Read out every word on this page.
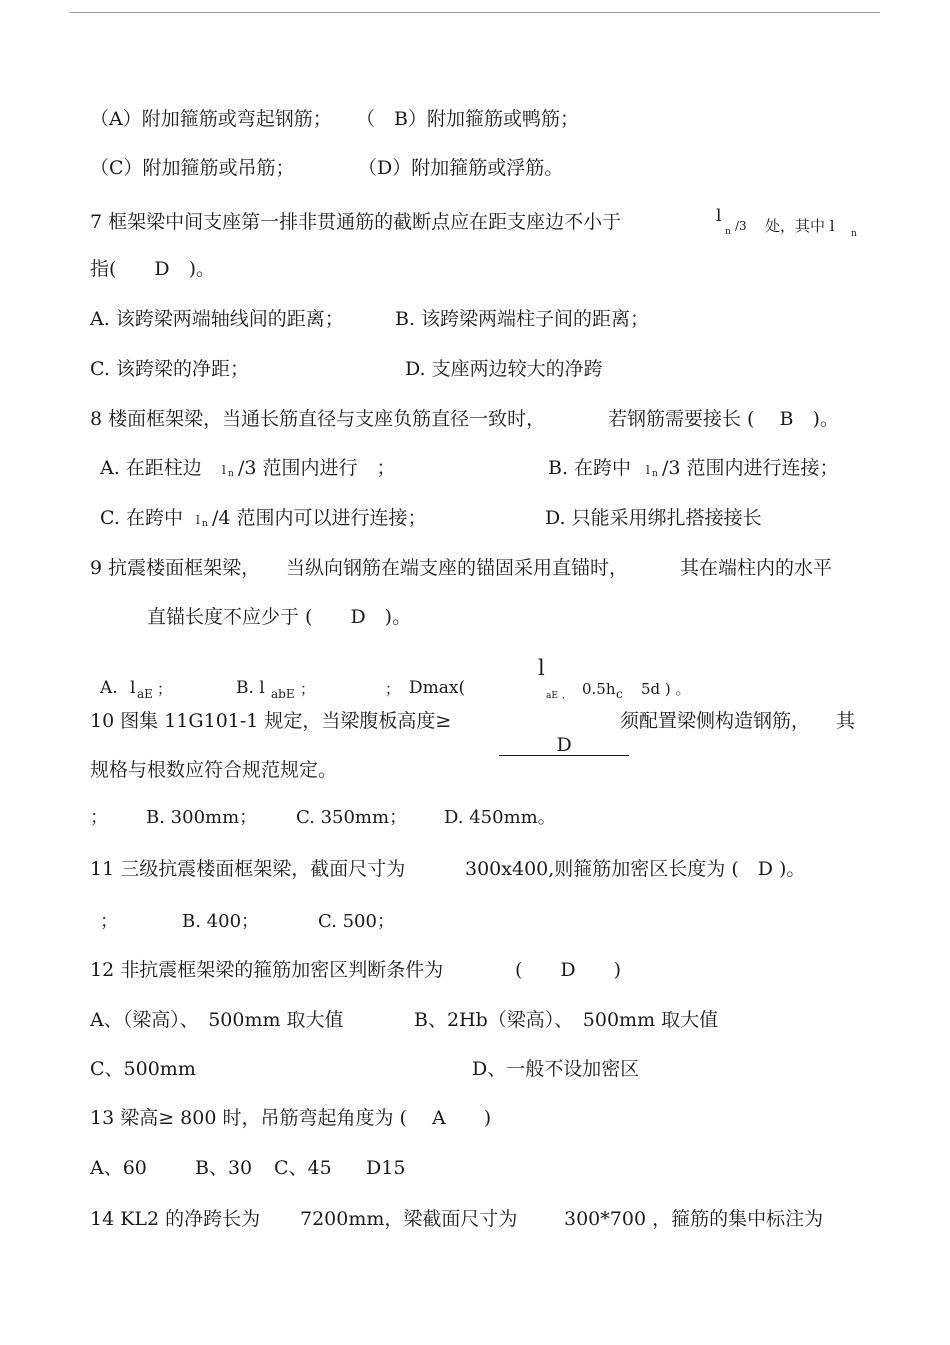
（A）附加箍筋或弯起钢筋； （　B）附加箍筋或鸭筋；
（C）附加箍筋或吊筋；	（D）附加箍筋或浮筋。
7 框架梁中间支座第一排非贯通筋的截断点应在距支座边不小于	l
n /3 处，其中 l n
指(　　D　)。
A. 该跨梁两端轴线间的距离；	B. 该跨梁两端柱子间的距离；
C. 该跨梁的净距；	D. 支座两边较大的净跨
8 楼面框架梁，当通长筋直径与支座负筋直径一致时，	若钢筋需要接长 (　 B　)。
A. 在距柱边 l n /3 范围内进行　；	B. 在跨中 l n /3 范围内进行连接；
C. 在跨中 l n /4 范围内可以进行连接；	D. 只能采用绑扎搭接接长
9 抗震楼面框架梁， 当纵向钢筋在端支座的锚固采用直锚时，	其在端柱内的水平
直锚长度不应少于 (　　D　)。
A. l aE ；	B. l abE ；	； Dmax(
l
aE ， 0.5h c 5d ) 。
10 图集 11G101-1 规定，当梁腹板高度≥

D

须配置梁侧构造钢筋， 其
规格与根数应符合规范规定。
； B. 300mm； C. 350mm； D. 450mm。
11 三级抗震楼面框架梁，截面尺寸为	300x400,则箍筋加密区长度为 (　D )。
；	B. 400；	C. 500；
12 非抗震框架梁的箍筋加密区判断条件为	(　　D　　)
A、（梁高）、　500mm 取大值	B、2Hb（梁高）、　500mm 取大值
C、500mm	D、一般不设加密区
13 梁高≥ 800 时，吊筋弯起角度为 (　 A　　)
A、60	B、30 C、45 D15
14 KL2 的净跨长为 7200mm，梁截面尺寸为 300*700 ，箍筋的集中标注为
